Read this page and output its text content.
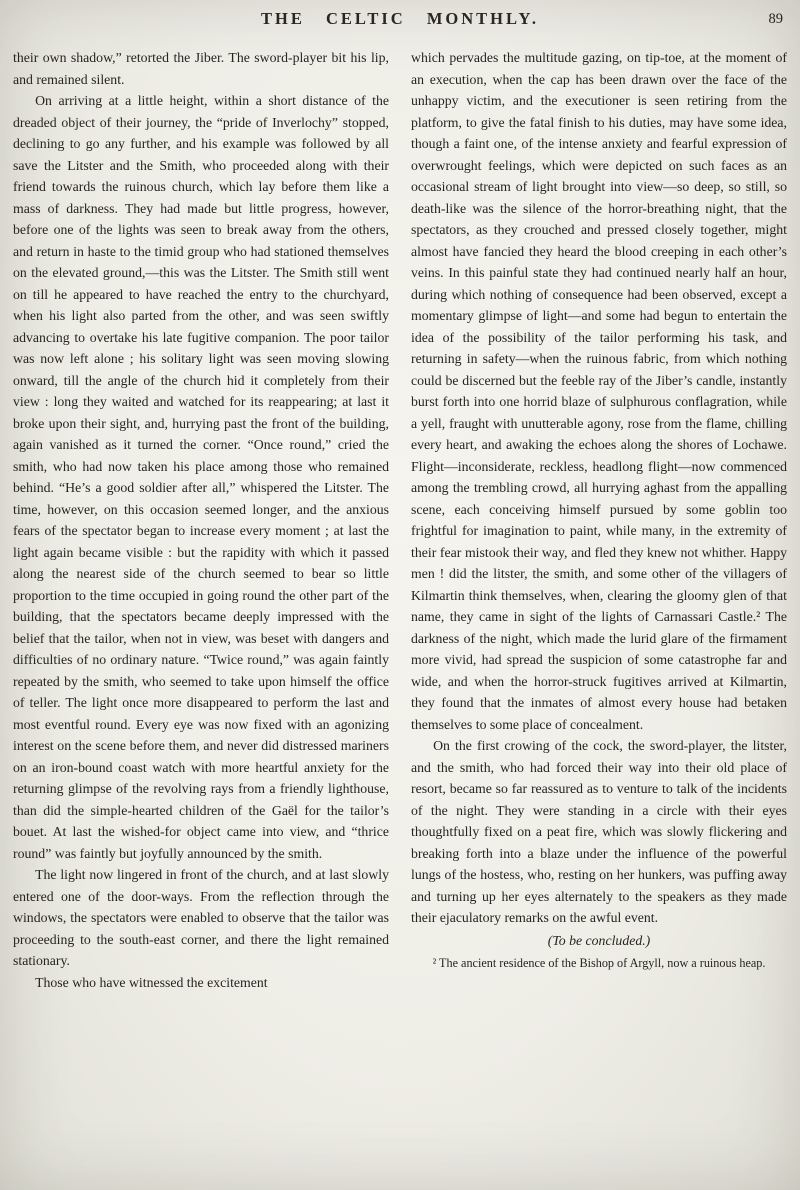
THE CELTIC MONTHLY.	89

their own shadow,” retorted the Jiber. The sword-player bit his lip, and remained silent.

On arriving at a little height, within a short distance of the dreaded object of their journey, the “pride of Inverlochy” stopped, declining to go any further, and his example was followed by all save the Litster and the Smith, who proceeded along with their friend towards the ruinous church, which lay before them like a mass of darkness. They had made but little progress, however, before one of the lights was seen to break away from the others, and return in haste to the timid group who had stationed themselves on the elevated ground,—this was the Litster. The Smith still went on till he appeared to have reached the entry to the churchyard, when his light also parted from the other, and was seen swiftly advancing to overtake his late fugitive companion. The poor tailor was now left alone ; his solitary light was seen moving slowing onward, till the angle of the church hid it completely from their view : long they waited and watched for its reappearing; at last it broke upon their sight, and, hurrying past the front of the building, again vanished as it turned the corner. “Once round,” cried the smith, who had now taken his place among those who remained behind. “He’s a good soldier after all,” whispered the Litster. The time, however, on this occasion seemed longer, and the anxious fears of the spectator began to increase every moment ; at last the light again became visible : but the rapidity with which it passed along the nearest side of the church seemed to bear so little proportion to the time occupied in going round the other part of the building, that the spectators became deeply impressed with the belief that the tailor, when not in view, was beset with dangers and difficulties of no ordinary nature. “Twice round,” was again faintly repeated by the smith, who seemed to take upon himself the office of teller. The light once more disappeared to perform the last and most eventful round. Every eye was now fixed with an agonizing interest on the scene before them, and never did distressed mariners on an iron-bound coast watch with more heartful anxiety for the returning glimpse of the revolving rays from a friendly lighthouse, than did the simple-hearted children of the Gaël for the tailor’s bouet. At last the wished-for object came into view, and “thrice round” was faintly but joyfully announced by the smith.

The light now lingered in front of the church, and at last slowly entered one of the door-ways. From the reflection through the windows, the spectators were enabled to observe that the tailor was proceeding to the south-east corner, and there the light remained stationary.

Those who have witnessed the excitement

which pervades the multitude gazing, on tip-toe, at the moment of an execution, when the cap has been drawn over the face of the unhappy victim, and the executioner is seen retiring from the platform, to give the fatal finish to his duties, may have some idea, though a faint one, of the intense anxiety and fearful expression of overwrought feelings, which were depicted on such faces as an occasional stream of light brought into view—so deep, so still, so death-like was the silence of the horror-breathing night, that the spectators, as they crouched and pressed closely together, might almost have fancied they heard the blood creeping in each other’s veins. In this painful state they had continued nearly half an hour, during which nothing of consequence had been observed, except a momentary glimpse of light—and some had begun to entertain the idea of the possibility of the tailor performing his task, and returning in safety—when the ruinous fabric, from which nothing could be discerned but the feeble ray of the Jiber’s candle, instantly burst forth into one horrid blaze of sulphurous conflagration, while a yell, fraught with unutterable agony, rose from the flame, chilling every heart, and awaking the echoes along the shores of Lochawe. Flight—inconsiderate, reckless, headlong flight—now commenced among the trembling crowd, all hurrying aghast from the appalling scene, each conceiving himself pursued by some goblin too frightful for imagination to paint, while many, in the extremity of their fear mistook their way, and fled they knew not whither. Happy men ! did the litster, the smith, and some other of the villagers of Kilmartin think themselves, when, clearing the gloomy glen of that name, they came in sight of the lights of Carnassari Castle.² The darkness of the night, which made the lurid glare of the firmament more vivid, had spread the suspicion of some catastrophe far and wide, and when the horror-struck fugitives arrived at Kilmartin, they found that the inmates of almost every house had betaken themselves to some place of concealment.

On the first crowing of the cock, the sword-player, the litster, and the smith, who had forced their way into their old place of resort, became so far reassured as to venture to talk of the incidents of the night. They were standing in a circle with their eyes thoughtfully fixed on a peat fire, which was slowly flickering and breaking forth into a blaze under the influence of the powerful lungs of the hostess, who, resting on her hunkers, was puffing away and turning up her eyes alternately to the speakers as they made their ejaculatory remarks on the awful event.

(To be concluded.)

² The ancient residence of the Bishop of Argyll, now a ruinous heap.
